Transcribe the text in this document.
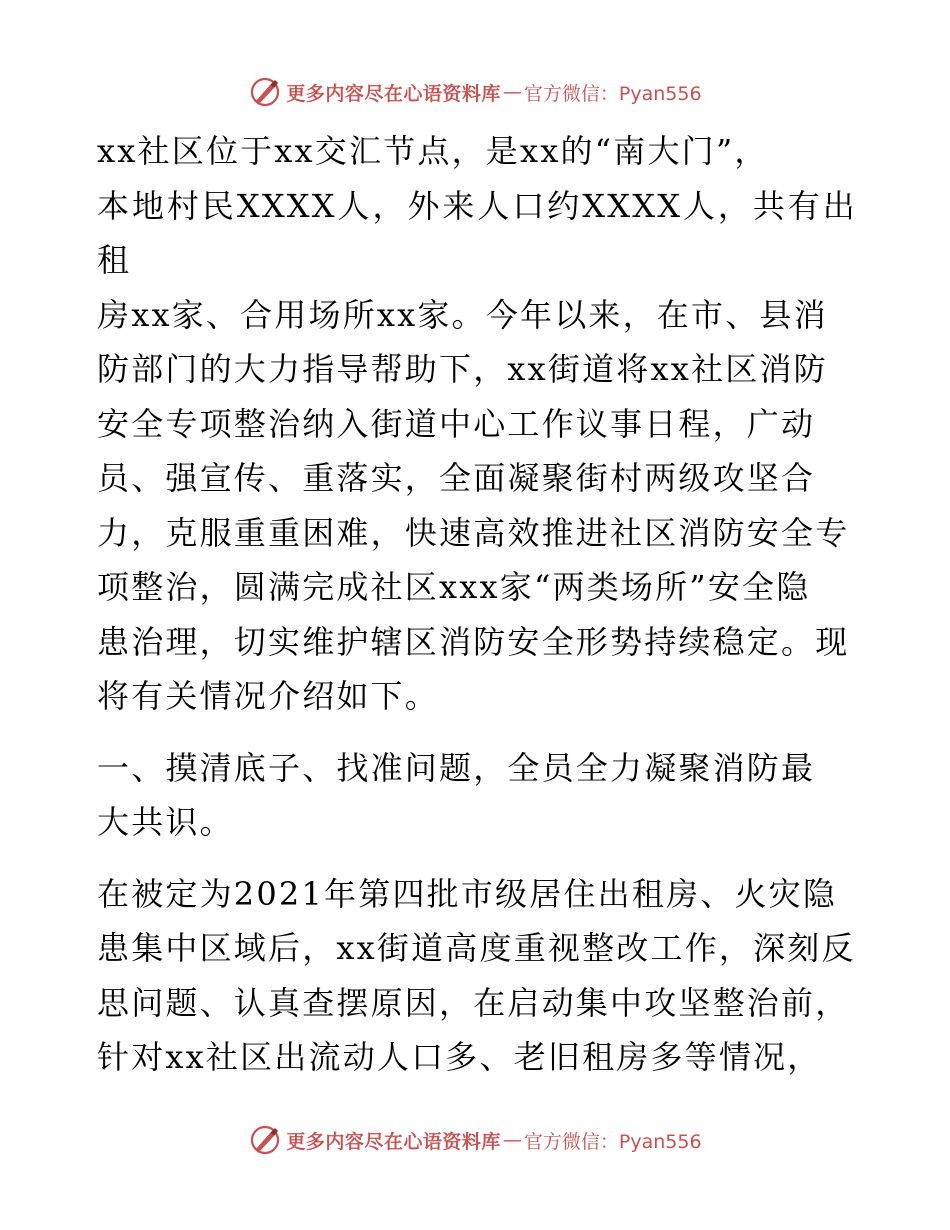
更多内容尽在心语资料库 — 官方微信：Pyan556

xx社区位于xx交汇节点，是xx的“南大门”，
本地村民XXXX人，外来人口约XXXX人，共有出租
房xx家、合用场所xx家。今年以来，在市、县消
防部门的大力指导帮助下，xx街道将xx社区消防
安全专项整治纳入街道中心工作议事日程，广动
员、强宣传、重落实，全面凝聚街村两级攻坚合
力，克服重重困难，快速高效推进社区消防安全专
项整治，圆满完成社区xxx家“两类场所”安全隐
患治理，切实维护辖区消防安全形势持续稳定。现
将有关情况介绍如下。

一、摸清底子、找准问题，全员全力凝聚消防最
大共识。

在被定为2021年第四批市级居住出租房、火灾隐
患集中区域后，xx街道高度重视整改工作，深刻反
思问题、认真查摆原因，在启动集中攻坚整治前，
针对xx社区出流动人口多、老旧租房多等情况，

更多内容尽在心语资料库 — 官方微信：Pyan556
